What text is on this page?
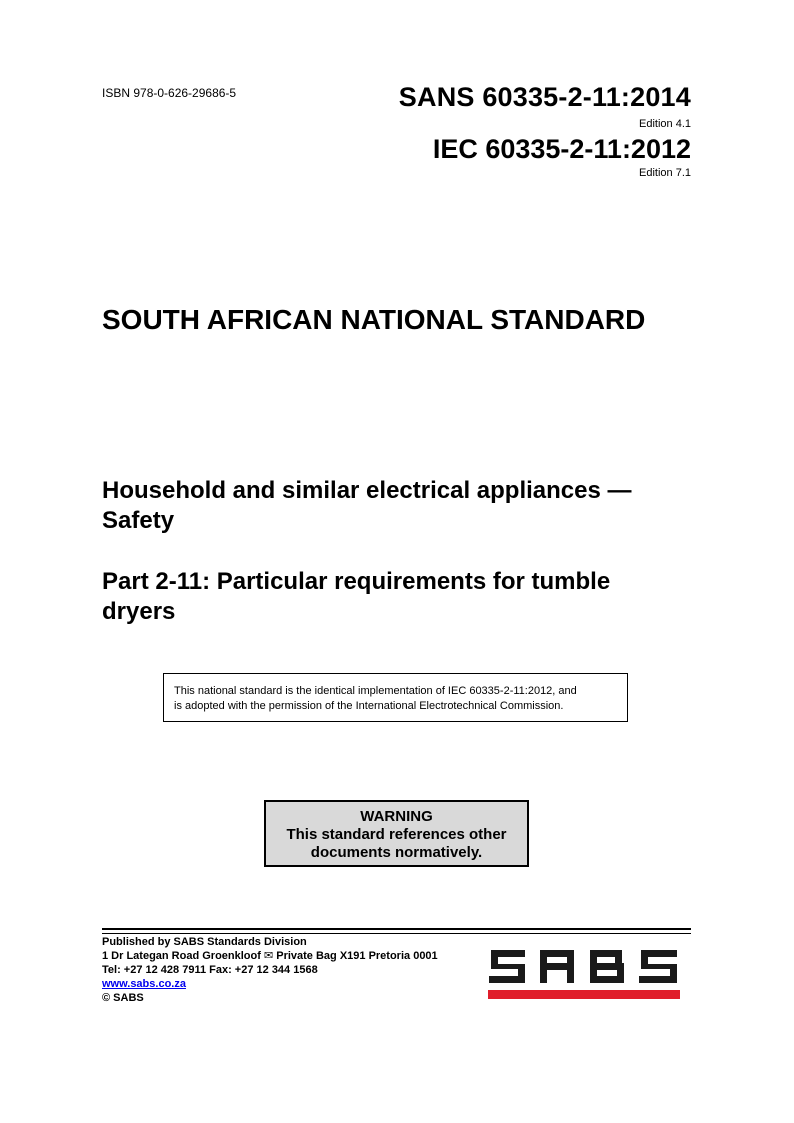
ISBN 978-0-626-29686-5	SANS 60335-2-11:2014
Edition 4.1
IEC 60335-2-11:2012
Edition 7.1
SOUTH AFRICAN NATIONAL STANDARD
Household and similar electrical appliances —
Safety
Part 2-11: Particular requirements for tumble
dryers
This national standard is the identical implementation of IEC 60335-2-11:2012, and
is adopted with the permission of the International Electrotechnical Commission.
WARNING
This standard references other
documents normatively.
Published by SABS Standards Division
1 Dr Lategan Road Groenkloof ✉ Private Bag X191 Pretoria 0001
Tel: +27 12 428 7911 Fax: +27 12 344 1568
www.sabs.co.za
© SABS
